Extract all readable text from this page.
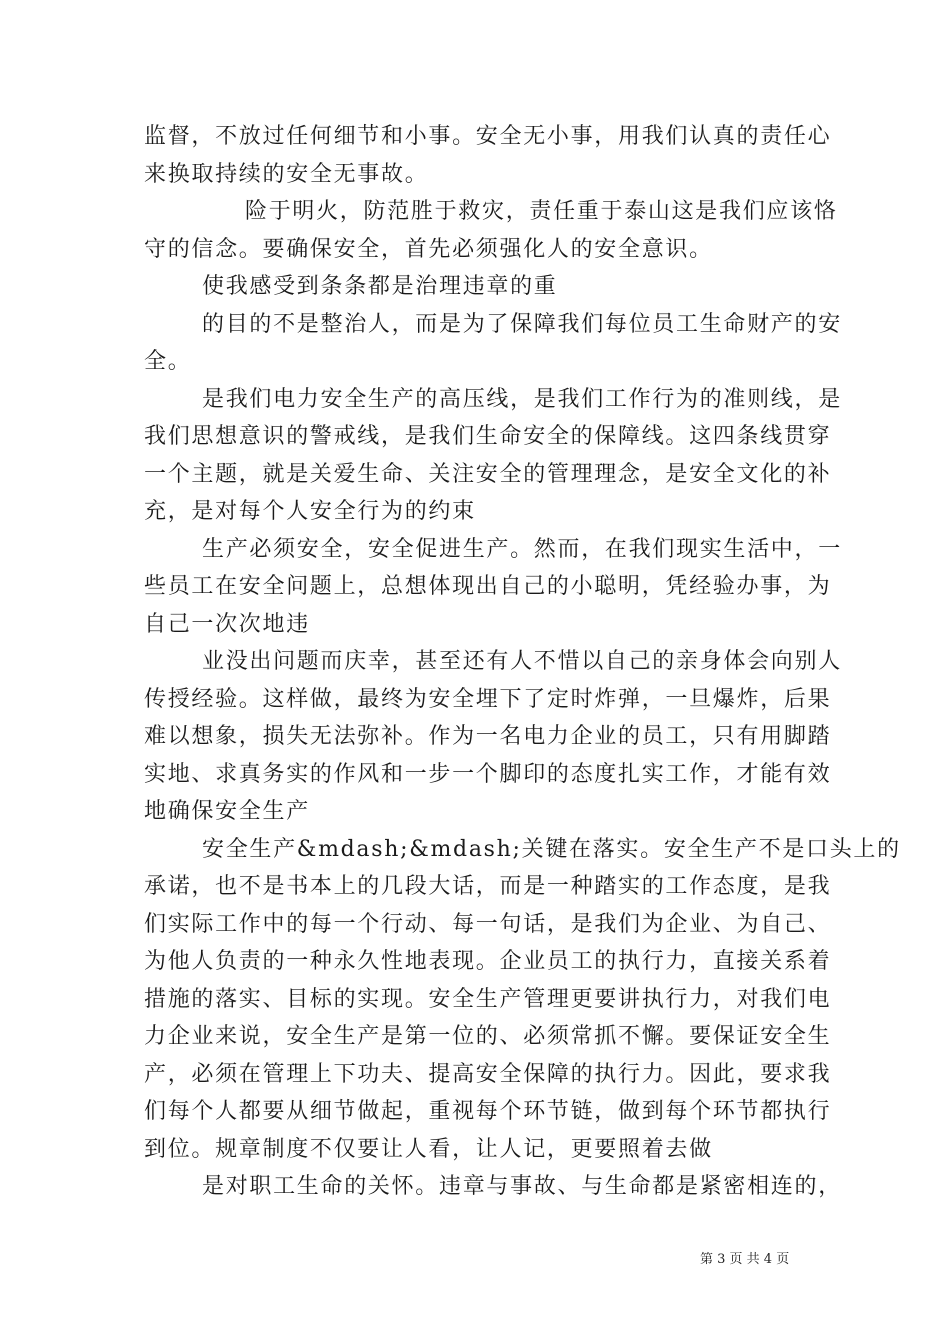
监督，不放过任何细节和小事。安全无小事，用我们认真的责任心
来换取持续的安全无事故。
险于明火，防范胜于救灾，责任重于泰山这是我们应该恪
守的信念。要确保安全，首先必须强化人的安全意识。
使我感受到条条都是治理违章的重
的目的不是整治人，而是为了保障我们每位员工生命财产的安
全。
是我们电力安全生产的高压线，是我们工作行为的准则线，是
我们思想意识的警戒线，是我们生命安全的保障线。这四条线贯穿
一个主题，就是关爱生命、关注安全的管理理念，是安全文化的补
充，是对每个人安全行为的约束
生产必须安全，安全促进生产。然而，在我们现实生活中，一
些员工在安全问题上，总想体现出自己的小聪明，凭经验办事，为
自己一次次地违
业没出问题而庆幸，甚至还有人不惜以自己的亲身体会向别人
传授经验。这样做，最终为安全埋下了定时炸弹，一旦爆炸，后果
难以想象，损失无法弥补。作为一名电力企业的员工，只有用脚踏
实地、求真务实的作风和一步一个脚印的态度扎实工作，才能有效
地确保安全生产
安全生产&mdash;&mdash;关键在落实。安全生产不是口头上的
承诺，也不是书本上的几段大话，而是一种踏实的工作态度，是我
们实际工作中的每一个行动、每一句话，是我们为企业、为自己、
为他人负责的一种永久性地表现。企业员工的执行力，直接关系着
措施的落实、目标的实现。安全生产管理更要讲执行力，对我们电
力企业来说，安全生产是第一位的、必须常抓不懈。要保证安全生
产，必须在管理上下功夫、提高安全保障的执行力。因此，要求我
们每个人都要从细节做起，重视每个环节链，做到每个环节都执行
到位。规章制度不仅要让人看，让人记，更要照着去做
是对职工生命的关怀。违章与事故、与生命都是紧密相连的，
第 3 页 共 4 页
